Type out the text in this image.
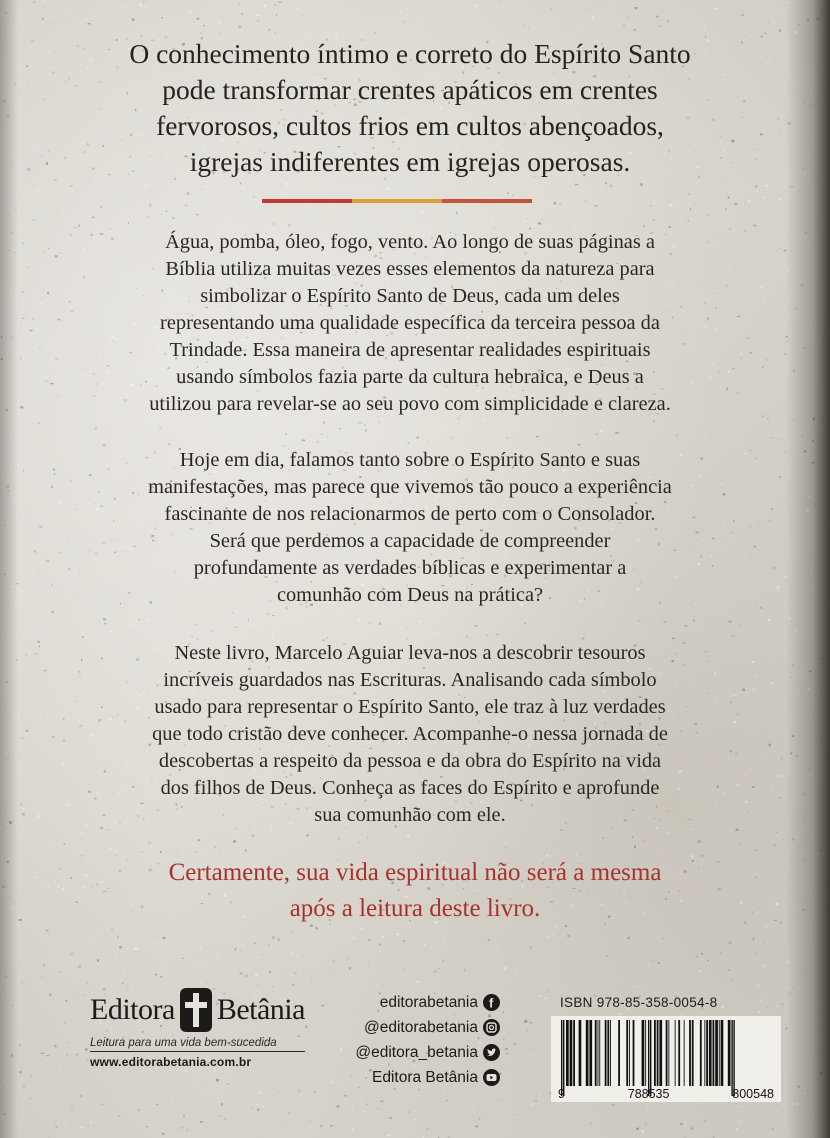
O conhecimento íntimo e correto do Espírito Santo
pode transformar crentes apáticos em crentes
fervorosos, cultos frios em cultos abençoados,
igrejas indiferentes em igrejas operosas.
Água, pomba, óleo, fogo, vento. Ao longo de suas páginas a
Bíblia utiliza muitas vezes esses elementos da natureza para
simbolizar o Espírito Santo de Deus, cada um deles
representando uma qualidade específica da terceira pessoa da
Trindade. Essa maneira de apresentar realidades espirituais
usando símbolos fazia parte da cultura hebraica, e Deus a
utilizou para revelar-se ao seu povo com simplicidade e clareza.
Hoje em dia, falamos tanto sobre o Espírito Santo e suas
manifestações, mas parece que vivemos tão pouco a experiência
fascinante de nos relacionarmos de perto com o Consolador.
Será que perdemos a capacidade de compreender
profundamente as verdades bíblicas e experimentar a
comunhão com Deus na prática?
Neste livro, Marcelo Aguiar leva-nos a descobrir tesouros
incríveis guardados nas Escrituras. Analisando cada símbolo
usado para representar o Espírito Santo, ele traz à luz verdades
que todo cristão deve conhecer. Acompanhe-o nessa jornada de
descobertas a respeito da pessoa e da obra do Espírito na vida
dos filhos de Deus. Conheça as faces do Espírito e aprofunde
sua comunhão com ele.
Certamente, sua vida espiritual não será a mesma
após a leitura deste livro.
Editora Betânia
Leitura para uma vida bem-sucedida
www.editorabetania.com.br
editorabetania f
@editorabetania
@editora_betania
Editora Betânia
ISBN 978-85-358-0054-8
9	788535	800548
